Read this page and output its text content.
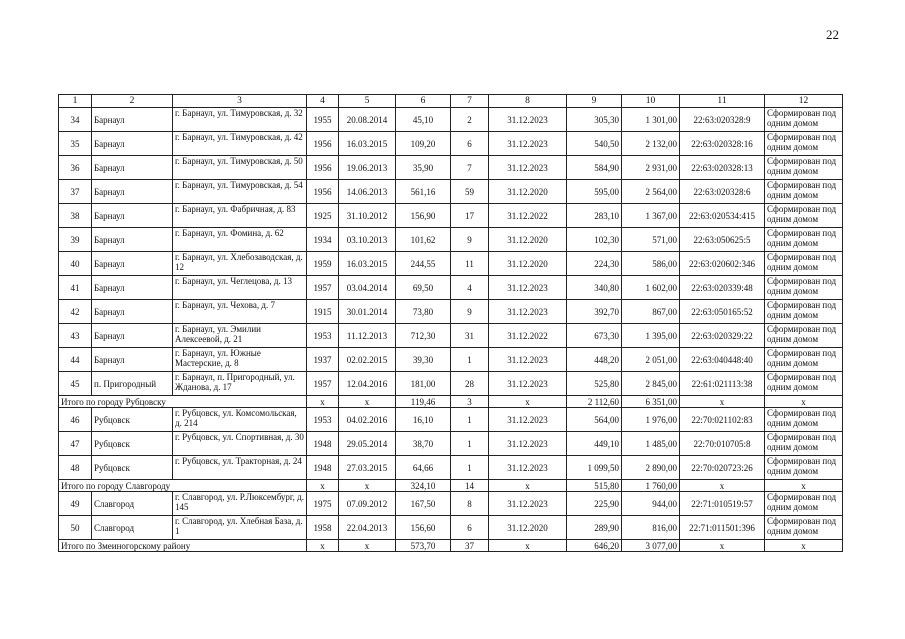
22
1	2	3	4	5	6	7	8	9	10	11	12
34	Барнаул	г. Барнаул, ул. Тимуровская, д. 32	1955	20.08.2014	45,10	2	31.12.2023	305,30	1 301,00	22:63:020328:9	Сформирован под одним домом
35	Барнаул	г. Барнаул, ул. Тимуровская, д. 42	1956	16.03.2015	109,20	6	31.12.2023	540,50	2 132,00	22:63:020328:16	Сформирован под одним домом
36	Барнаул	г. Барнаул, ул. Тимуровская, д. 50	1956	19.06.2013	35,90	7	31.12.2023	584,90	2 931,00	22:63:020328:13	Сформирован под одним домом
37	Барнаул	г. Барнаул, ул. Тимуровская, д. 54	1956	14.06.2013	561,16	59	31.12.2020	595,00	2 564,00	22:63:020328:6	Сформирован под одним домом
38	Барнаул	г. Барнаул, ул. Фабричная, д. 83	1925	31.10.2012	156,90	17	31.12.2022	283,10	1 367,00	22:63:020534:415	Сформирован под одним домом
39	Барнаул	г. Барнаул, ул. Фомина, д. 62	1934	03.10.2013	101,62	9	31.12.2020	102,30	571,00	22:63:050625:5	Сформирован под одним домом
40	Барнаул	г. Барнаул, ул. Хлебозаводская, д. 12	1959	16.03.2015	244,55	11	31.12.2020	224,30	586,00	22:63:020602:346	Сформирован под одним домом
41	Барнаул	г. Барнаул, ул. Чеглецова, д. 13	1957	03.04.2014	69,50	4	31.12.2023	340,80	1 602,00	22:63:020339:48	Сформирован под одним домом
42	Барнаул	г. Барнаул, ул. Чехова, д. 7	1915	30.01.2014	73,80	9	31.12.2023	392,70	867,00	22:63:050165:52	Сформирован под одним домом
43	Барнаул	г. Барнаул, ул. Эмилии Алексеевой, д. 21	1953	11.12.2013	712,30	31	31.12.2022	673,30	1 395,00	22:63:020329:22	Сформирован под одним домом
44	Барнаул	г. Барнаул, ул. Южные Мастерские, д. 8	1937	02.02.2015	39,30	1	31.12.2023	448,20	2 051,00	22:63:040448:40	Сформирован под одним домом
45	п. Пригородный	г. Барнаул, п. Пригородный, ул. Жданова, д. 17	1957	12.04.2016	181,00	28	31.12.2023	525,80	2 845,00	22:61:021113:38	Сформирован под одним домом
Итого по городу Рубцовску			х	х	119,46	3	х	2 112,60	6 351,00	х	х
46	Рубцовск	г. Рубцовск, ул. Комсомольская, д. 214	1953	04.02.2016	16,10	1	31.12.2023	564,00	1 976,00	22:70:021102:83	Сформирован под одним домом
47	Рубцовск	г. Рубцовск, ул. Спортивная, д. 30	1948	29.05.2014	38,70	1	31.12.2023	449,10	1 485,00	22:70:010705:8	Сформирован под одним домом
48	Рубцовск	г. Рубцовск, ул. Тракторная, д. 24	1948	27.03.2015	64,66	1	31.12.2023	1 099,50	2 890,00	22:70:020723:26	Сформирован под одним домом
Итого по городу Славгороду			х	х	324,10	14	х	515,80	1 760,00	х	х
49	Славгород	г. Славгород, ул. Р.Люксембург, д. 145	1975	07.09.2012	167,50	8	31.12.2023	225,90	944,00	22:71:010519:57	Сформирован под одним домом
50	Славгород	г. Славгород, ул. Хлебная База, д. 1	1958	22.04.2013	156,60	6	31.12.2020	289,90	816,00	22:71:011501:396	Сформирован под одним домом
Итого по Змеиногорскому району			х	х	573,70	37	х	646,20	3 077,00	х	х
